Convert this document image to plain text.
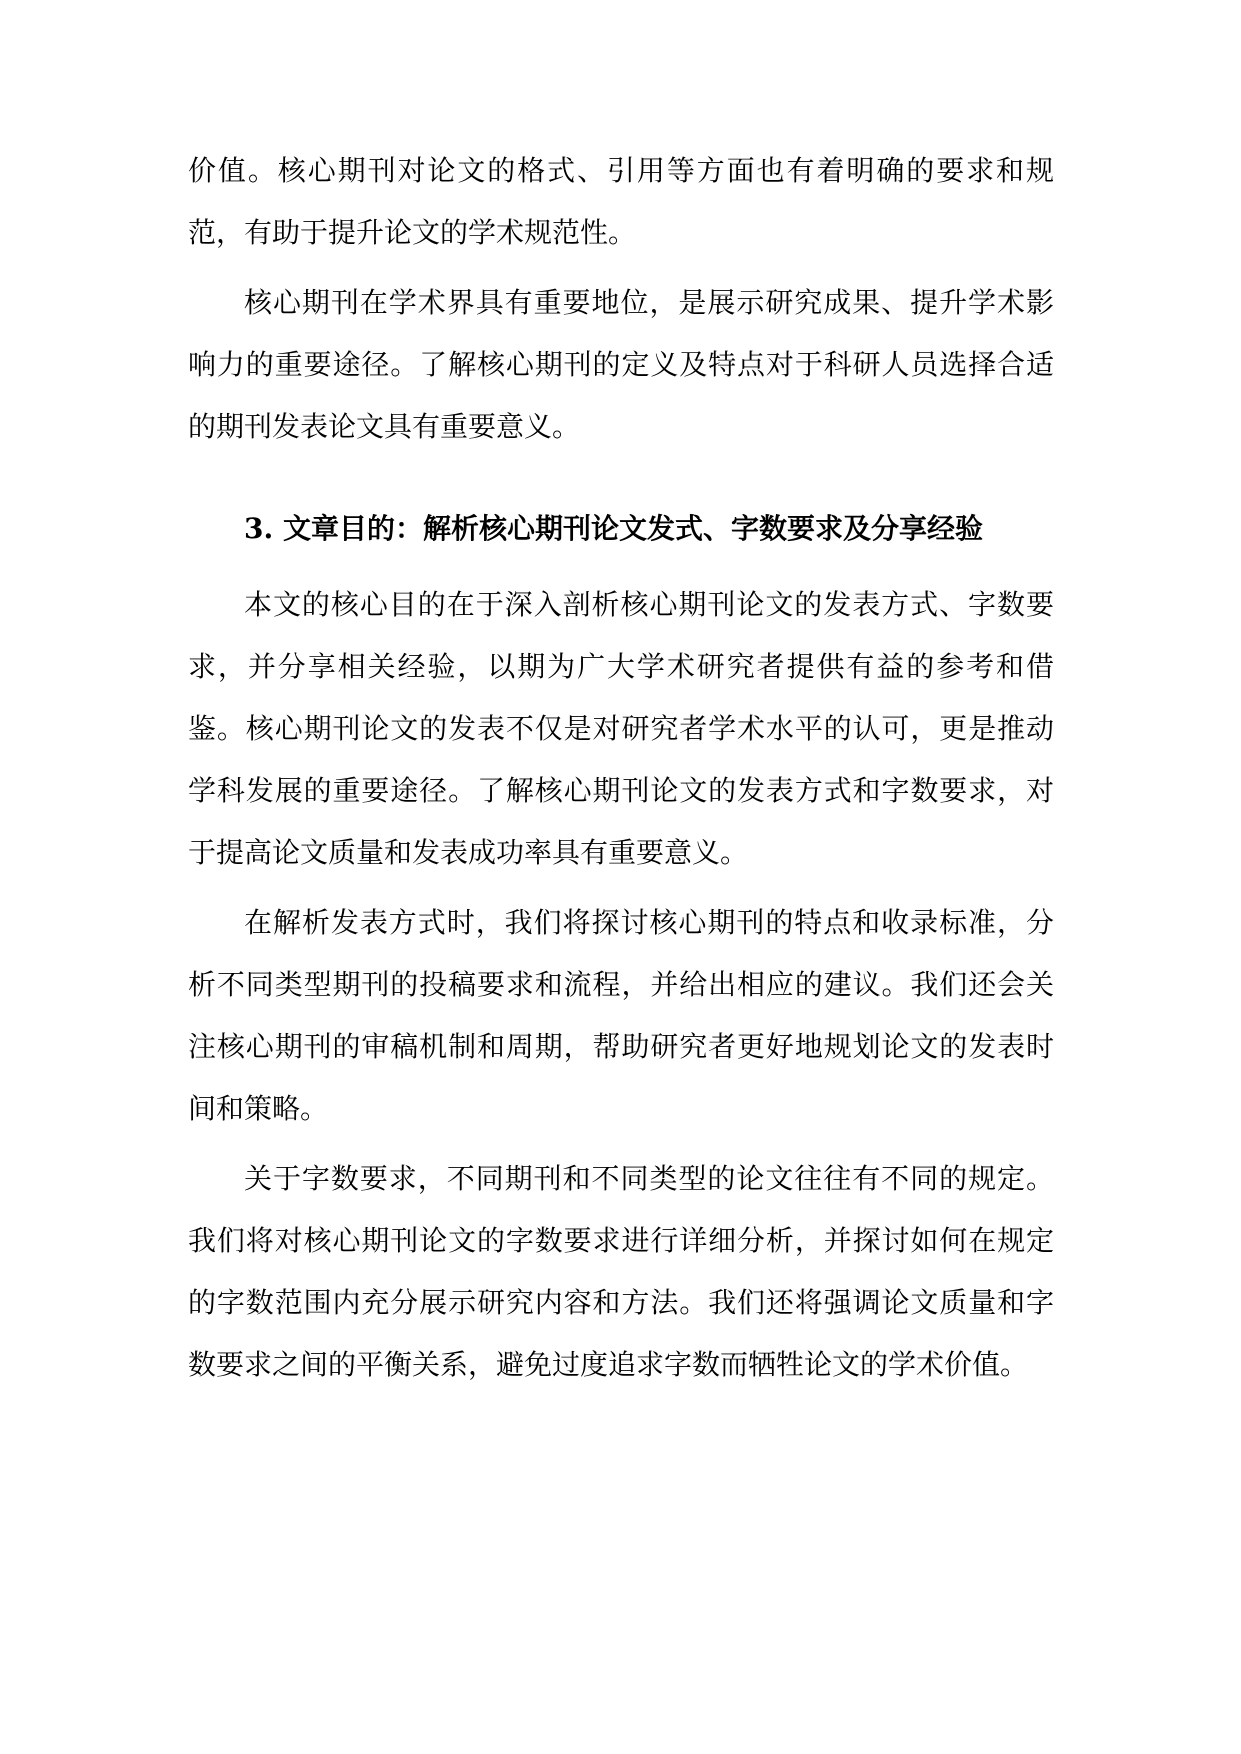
价值。核心期刊对论文的格式、引用等方面也有着明确的要求和规范，有助于提升论文的学术规范性。

核心期刊在学术界具有重要地位，是展示研究成果、提升学术影响力的重要途径。了解核心期刊的定义及特点对于科研人员选择合适的期刊发表论文具有重要意义。

3. 文章目的：解析核心期刊论文发式、字数要求及分享经验

本文的核心目的在于深入剖析核心期刊论文的发表方式、字数要求，并分享相关经验，以期为广大学术研究者提供有益的参考和借鉴。核心期刊论文的发表不仅是对研究者学术水平的认可，更是推动学科发展的重要途径。了解核心期刊论文的发表方式和字数要求，对于提高论文质量和发表成功率具有重要意义。

在解析发表方式时，我们将探讨核心期刊的特点和收录标准，分析不同类型期刊的投稿要求和流程，并给出相应的建议。我们还会关注核心期刊的审稿机制和周期，帮助研究者更好地规划论文的发表时间和策略。

关于字数要求，不同期刊和不同类型的论文往往有不同的规定。我们将对核心期刊论文的字数要求进行详细分析，并探讨如何在规定的字数范围内充分展示研究内容和方法。我们还将强调论文质量和字数要求之间的平衡关系，避免过度追求字数而牺牲论文的学术价值。
